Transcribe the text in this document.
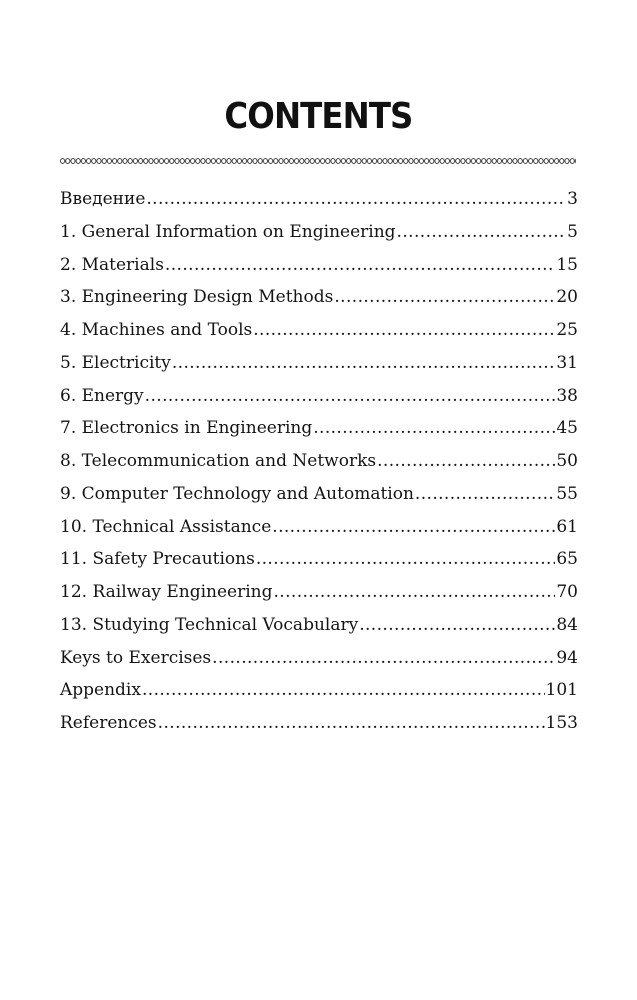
CONTENTS
Введение .....	3
1. General Information on Engineering .....	5
2. Materials .....	15
3. Engineering Design Methods .....	20
4. Machines and Tools .....	25
5. Electricity .....	31
6. Energy .....	38
7. Electronics in Engineering .....	45
8. Telecommunication and Networks .....	50
9. Computer Technology and Automation .....	55
10. Technical Assistance .....	61
11. Safety Precautions .....	65
12. Railway Engineering .....	70
13. Studying Technical Vocabulary .....	84
Keys to Exercises .....	94
Appendix .....	101
References .....	153
